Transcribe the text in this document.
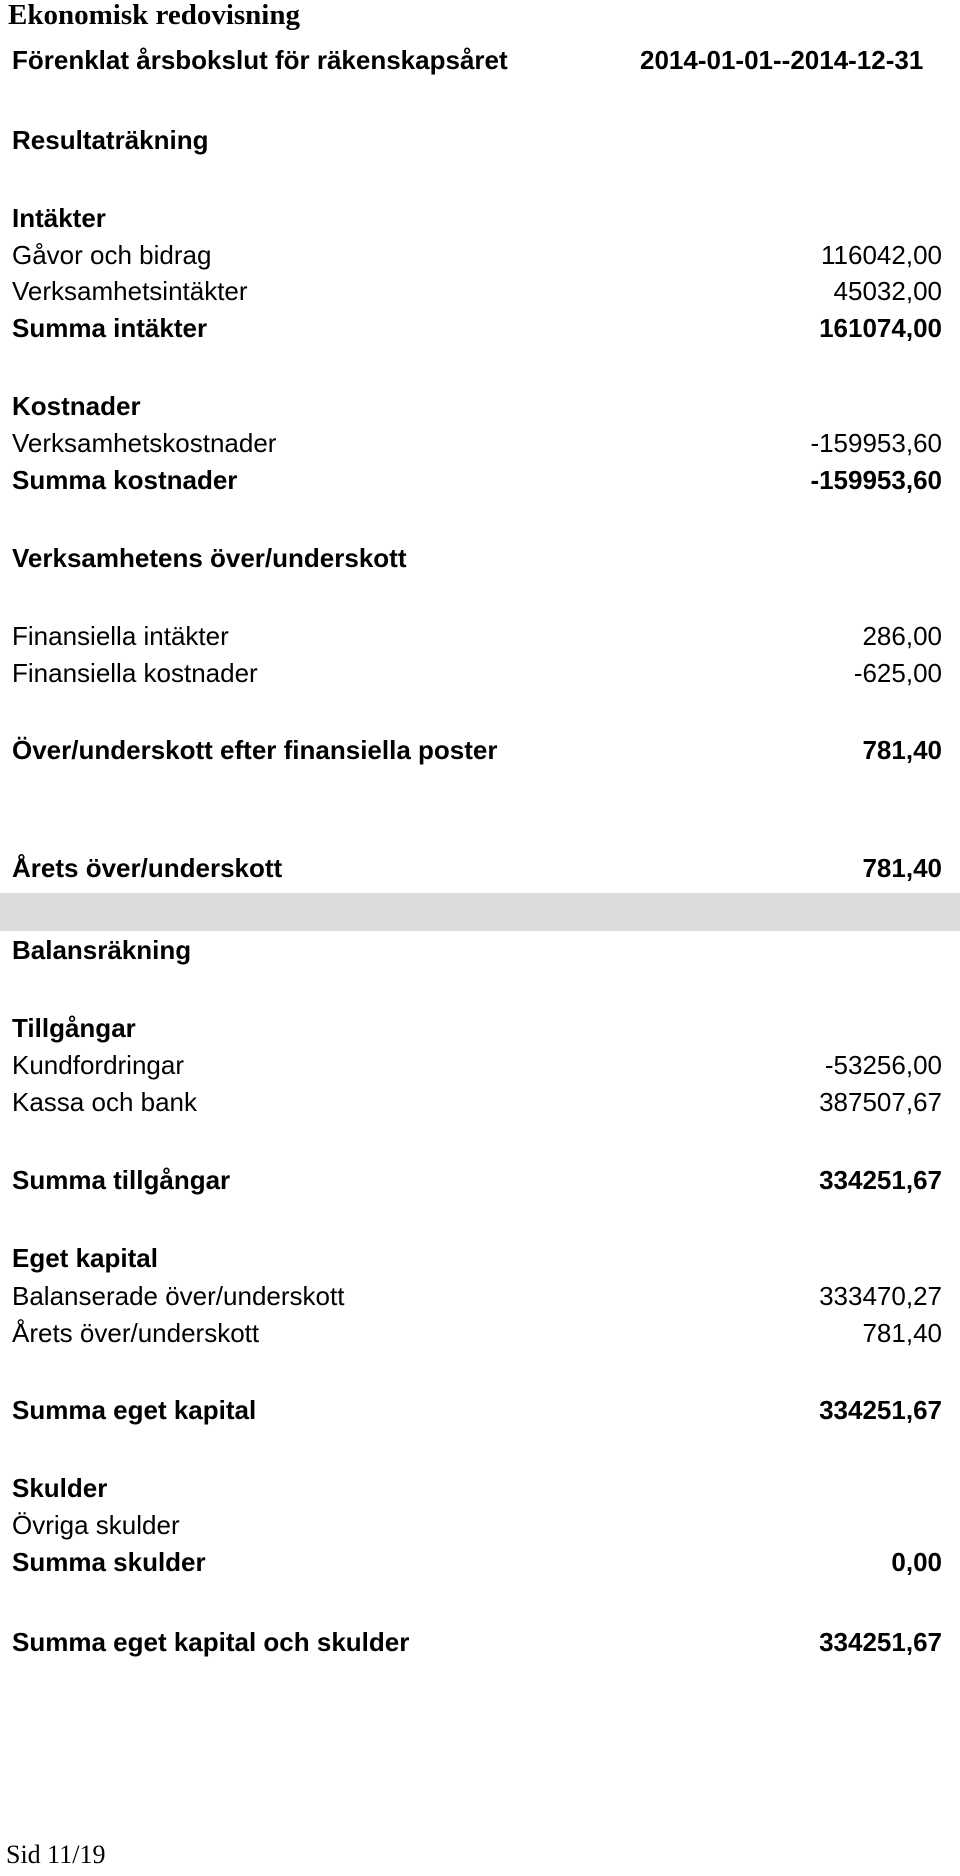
Ekonomisk redovisning
Förenklat årsbokslut för räkenskapsåret	2014-01-01--2014-12-31
Resultaträkning
Intäkter
Gåvor och bidrag	116042,00
Verksamhetsintäkter	45032,00
Summa intäkter	161074,00
Kostnader
Verksamhetskostnader	-159953,60
Summa kostnader	-159953,60
Verksamhetens över/underskott
Finansiella intäkter	286,00
Finansiella kostnader	-625,00
Över/underskott efter finansiella poster	781,40
Årets över/underskott	781,40
Balansräkning
Tillgångar
Kundfordringar	-53256,00
Kassa och bank	387507,67
Summa tillgångar	334251,67
Eget kapital
Balanserade över/underskott	333470,27
Årets över/underskott	781,40
Summa eget kapital	334251,67
Skulder
Övriga skulder
Summa skulder	0,00
Summa eget kapital och skulder	334251,67
Sid 11/19
